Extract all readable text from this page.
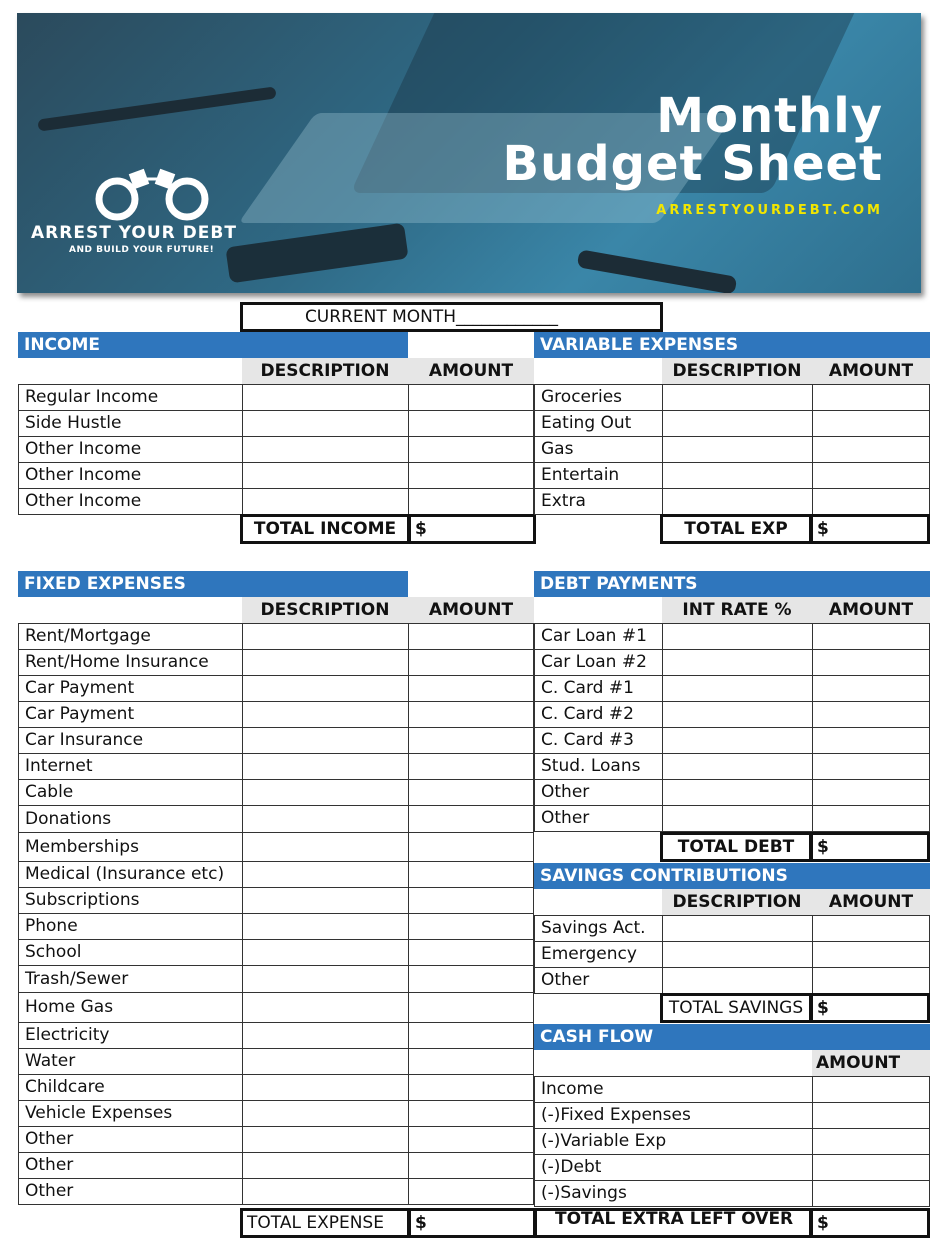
ARREST YOUR DEBT
AND BUILD YOUR FUTURE!
Monthly
Budget Sheet
ARRESTYOURDEBT.COM
CURRENT MONTH____________
INCOME
DESCRIPTION	AMOUNT
Regular Income
Side Hustle
Other Income
Other Income
Other Income
TOTAL INCOME	$
VARIABLE EXPENSES
DESCRIPTION	AMOUNT
Groceries
Eating Out
Gas
Entertain
Extra
TOTAL EXP	$
FIXED EXPENSES
DESCRIPTION	AMOUNT
Rent/Mortgage
Rent/Home Insurance
Car Payment
Car Payment
Car Insurance
Internet
Cable
Donations
Memberships
Medical (Insurance etc)
Subscriptions
Phone
School
Trash/Sewer
Home Gas
Electricity
Water
Childcare
Vehicle Expenses
Other
Other
Other
TOTAL EXPENSE	$
DEBT PAYMENTS
INT RATE %	AMOUNT
Car Loan #1
Car Loan #2
C. Card #1
C. Card #2
C. Card #3
Stud. Loans
Other
Other
TOTAL DEBT	$
SAVINGS CONTRIBUTIONS
DESCRIPTION	AMOUNT
Savings Act.
Emergency
Other
TOTAL SAVINGS $
CASH FLOW
AMOUNT
Income
(-)Fixed Expenses
(-)Variable Exp
(-)Debt
(-)Savings
TOTAL EXTRA LEFT OVER	$
